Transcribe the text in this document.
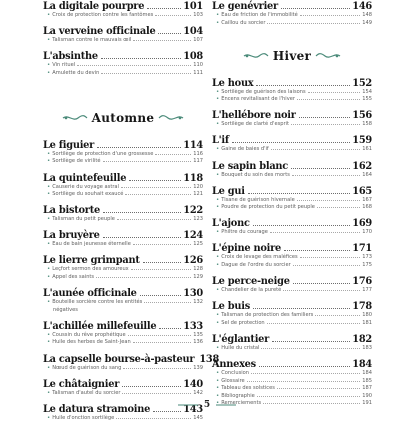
La digitale pourpre	101
• Croix de protection contre les fantômes	103
La verveine officinale	104
• Talisman contre le mauvais œil	107
L'absinthe	108
• Vin rituel	110
• Amulette du devin	111
Automne
Le figuier	114
• Sortilège de protection d'une grossesse	116
• Sortilège de virilité	117
La quintefeuille	118
• Causerie du voyage astral	120
• Sortilège du souhait exaucé	121
La bistorte	122
• Talisman du petit peuple	123
La bruyère	124
• Eau de bain jeunesse éternelle	125
Le lierre grimpant	126
• Leçfort sermon des amoureux	128
• Appel des saints	129
L'aunée officinale	130
• Bouteille sorcière contre les entités	132
négatives
L'achillée millefeuille	133
• Coussin du rêve prophétique	135
• Huile des herbes de Saint-Jean	136
La capselle bourse-à-pasteur 138
• Nœud de guérison du sang	139
Le châtaignier	140
• Talisman d'autel du sorcier	142
Le datura stramoine	143
• Huile d'onction sortilège	145
Le genévrier	146
• Eau de friction de l'immobilité	148
• Caillou du sorcier	149
Hiver
Le houx	152
• Sortilège de guérison des laisons	154
• Encens revitalisant de l'hiver	155
L'hellébore noir	156
• Sortilège de clarté d'esprit	158
L'if	159
• Gaine de baies d'if	161
Le sapin blanc	162
• Bouquet du soin des morts	164
Le gui	165
• Tisane de guérison hivernale	167
• Poudre de protection du petit peuple	168
L'ajonc	169
• Philtre du courage	170
L'épine noire	171
• Croix de levage des maléfices	173
• Dague de l'ordre du sorcier	175
Le perce-neige	176
• Chandelier de la pureté	177
Le buis	178
• Talisman de protection des familiers	180
• Sel de protection	181
L'églantier	182
• Huile du cristal	183
Annexes	184
• Conclusion	184
• Glossaire	185
• Tableau des solstices	187
• Bibliographie	190
• Remerciements	191
5
